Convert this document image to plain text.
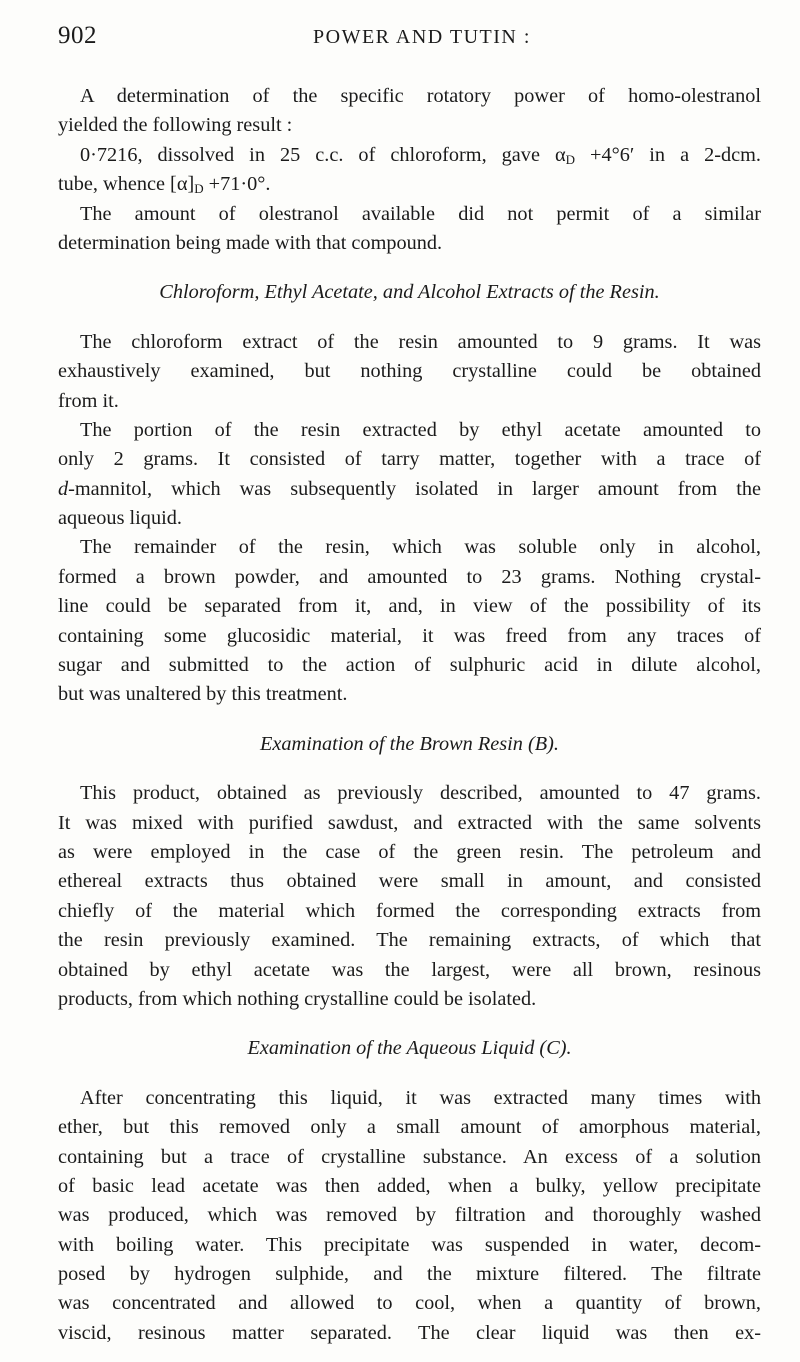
902	POWER AND TUTIN :

A determination of the specific rotatory power of homo-olestranol
yielded the following result :
0·7216, dissolved in 25 c.c. of chloroform, gave $\alpha_D +4^\circ 6'$ in a 2-dcm.
tube, whence $[\alpha]_D +71\cdot 0^\circ$.

The amount of olestranol available did not permit of a similar
determination being made with that compound.

Chloroform, Ethyl Acetate, and Alcohol Extracts of the Resin.

The chloroform extract of the resin amounted to 9 grams. It was
exhaustively examined, but nothing crystalline could be obtained
from it.

The portion of the resin extracted by ethyl acetate amounted to
only 2 grams. It consisted of tarry matter, together with a trace of
d-mannitol, which was subsequently isolated in larger amount from the
aqueous liquid.

The remainder of the resin, which was soluble only in alcohol,
formed a brown powder, and amounted to 23 grams. Nothing crystal-
line could be separated from it, and, in view of the possibility of its
containing some glucosidic material, it was freed from any traces of
sugar and submitted to the action of sulphuric acid in dilute alcohol,
but was unaltered by this treatment.

Examination of the Brown Resin (B).

This product, obtained as previously described, amounted to 47 grams.
It was mixed with purified sawdust, and extracted with the same solvents
as were employed in the case of the green resin. The petroleum and
ethereal extracts thus obtained were small in amount, and consisted
chiefly of the material which formed the corresponding extracts from
the resin previously examined. The remaining extracts, of which that
obtained by ethyl acetate was the largest, were all brown, resinous
products, from which nothing crystalline could be isolated.

Examination of the Aqueous Liquid (C).

After concentrating this liquid, it was extracted many times with
ether, but this removed only a small amount of amorphous material,
containing but a trace of crystalline substance. An excess of a solution
of basic lead acetate was then added, when a bulky, yellow precipitate
was produced, which was removed by filtration and thoroughly washed
with boiling water. This precipitate was suspended in water, decom-
posed by hydrogen sulphide, and the mixture filtered. The filtrate
was concentrated and allowed to cool, when a quantity of brown,
viscid, resinous matter separated. The clear liquid was then ex-
